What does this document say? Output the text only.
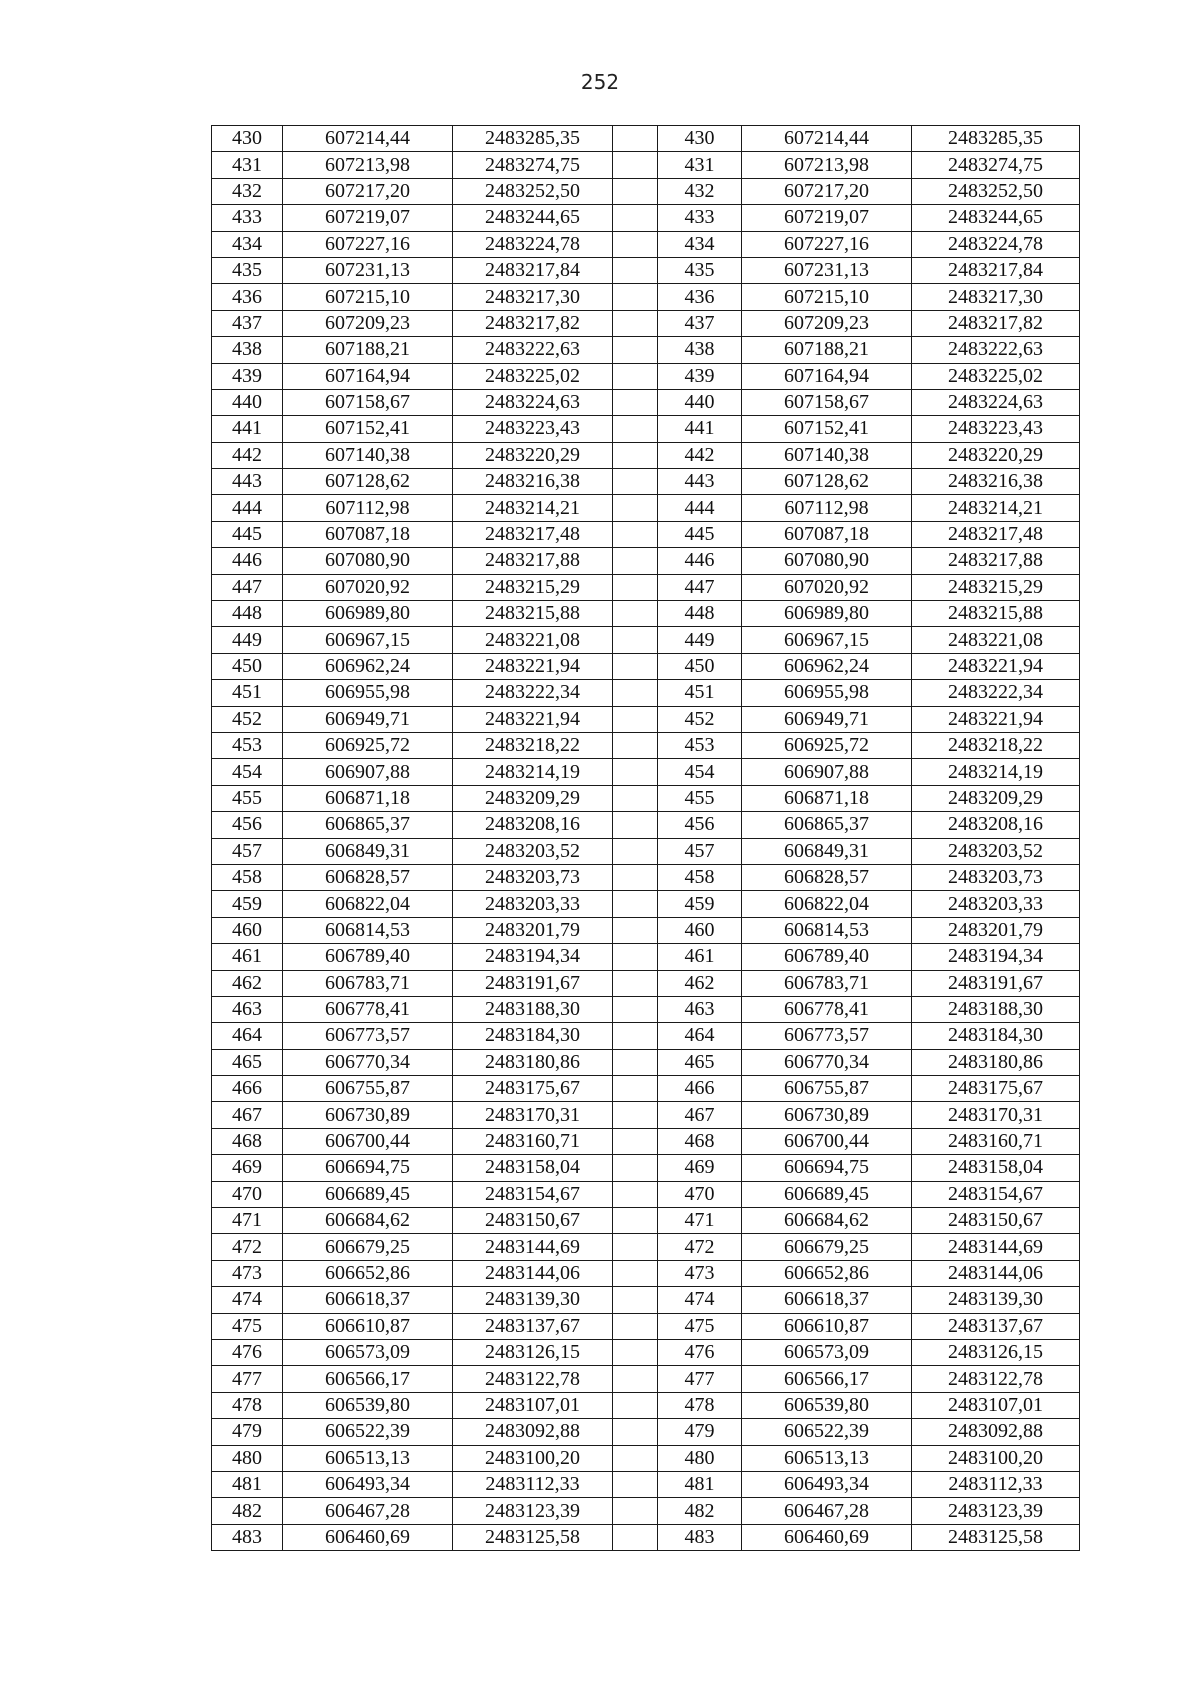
252
430	607214,44	2483285,35		430	607214,44	2483285,35
431	607213,98	2483274,75		431	607213,98	2483274,75
432	607217,20	2483252,50		432	607217,20	2483252,50
433	607219,07	2483244,65		433	607219,07	2483244,65
434	607227,16	2483224,78		434	607227,16	2483224,78
435	607231,13	2483217,84		435	607231,13	2483217,84
436	607215,10	2483217,30		436	607215,10	2483217,30
437	607209,23	2483217,82		437	607209,23	2483217,82
438	607188,21	2483222,63		438	607188,21	2483222,63
439	607164,94	2483225,02		439	607164,94	2483225,02
440	607158,67	2483224,63		440	607158,67	2483224,63
441	607152,41	2483223,43		441	607152,41	2483223,43
442	607140,38	2483220,29		442	607140,38	2483220,29
443	607128,62	2483216,38		443	607128,62	2483216,38
444	607112,98	2483214,21		444	607112,98	2483214,21
445	607087,18	2483217,48		445	607087,18	2483217,48
446	607080,90	2483217,88		446	607080,90	2483217,88
447	607020,92	2483215,29		447	607020,92	2483215,29
448	606989,80	2483215,88		448	606989,80	2483215,88
449	606967,15	2483221,08		449	606967,15	2483221,08
450	606962,24	2483221,94		450	606962,24	2483221,94
451	606955,98	2483222,34		451	606955,98	2483222,34
452	606949,71	2483221,94		452	606949,71	2483221,94
453	606925,72	2483218,22		453	606925,72	2483218,22
454	606907,88	2483214,19		454	606907,88	2483214,19
455	606871,18	2483209,29		455	606871,18	2483209,29
456	606865,37	2483208,16		456	606865,37	2483208,16
457	606849,31	2483203,52		457	606849,31	2483203,52
458	606828,57	2483203,73		458	606828,57	2483203,73
459	606822,04	2483203,33		459	606822,04	2483203,33
460	606814,53	2483201,79		460	606814,53	2483201,79
461	606789,40	2483194,34		461	606789,40	2483194,34
462	606783,71	2483191,67		462	606783,71	2483191,67
463	606778,41	2483188,30		463	606778,41	2483188,30
464	606773,57	2483184,30		464	606773,57	2483184,30
465	606770,34	2483180,86		465	606770,34	2483180,86
466	606755,87	2483175,67		466	606755,87	2483175,67
467	606730,89	2483170,31		467	606730,89	2483170,31
468	606700,44	2483160,71		468	606700,44	2483160,71
469	606694,75	2483158,04		469	606694,75	2483158,04
470	606689,45	2483154,67		470	606689,45	2483154,67
471	606684,62	2483150,67		471	606684,62	2483150,67
472	606679,25	2483144,69		472	606679,25	2483144,69
473	606652,86	2483144,06		473	606652,86	2483144,06
474	606618,37	2483139,30		474	606618,37	2483139,30
475	606610,87	2483137,67		475	606610,87	2483137,67
476	606573,09	2483126,15		476	606573,09	2483126,15
477	606566,17	2483122,78		477	606566,17	2483122,78
478	606539,80	2483107,01		478	606539,80	2483107,01
479	606522,39	2483092,88		479	606522,39	2483092,88
480	606513,13	2483100,20		480	606513,13	2483100,20
481	606493,34	2483112,33		481	606493,34	2483112,33
482	606467,28	2483123,39		482	606467,28	2483123,39
483	606460,69	2483125,58		483	606460,69	2483125,58
